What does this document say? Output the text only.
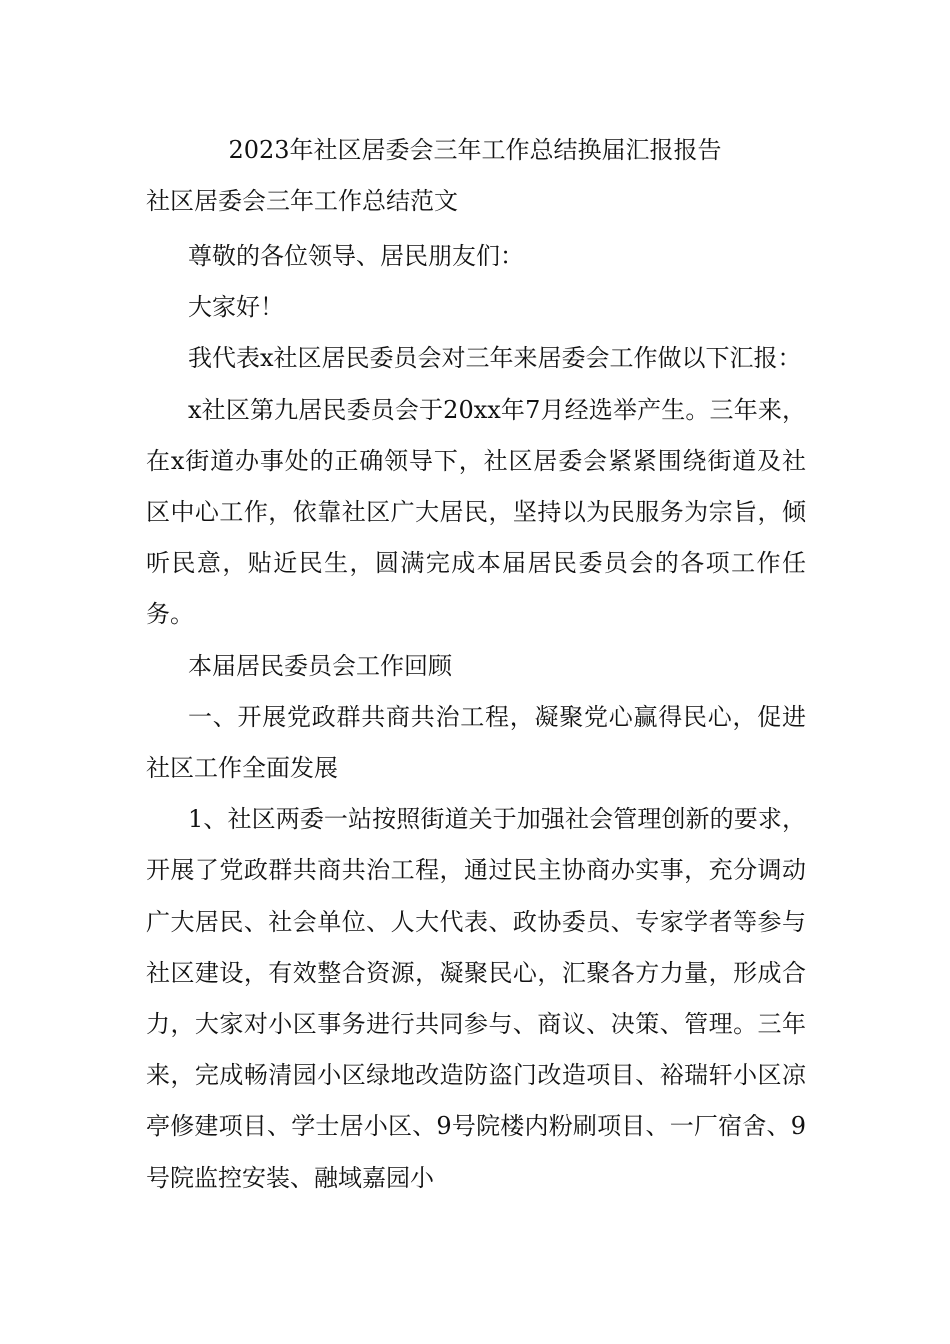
2023年社区居委会三年工作总结换届汇报报告
社区居委会三年工作总结范文

尊敬的各位领导、居民朋友们：

大家好！

我代表x社区居民委员会对三年来居委会工作做以下汇报：

x社区第九居民委员会于20xx年7月经选举产生。三年来，在x街道办事处的正确领导下，社区居委会紧紧围绕街道及社区中心工作，依靠社区广大居民，坚持以为民服务为宗旨，倾听民意，贴近民生，圆满完成本届居民委员会的各项工作任务。

本届居民委员会工作回顾

一、开展党政群共商共治工程，凝聚党心赢得民心，促进社区工作全面发展

1、社区两委一站按照街道关于加强社会管理创新的要求，开展了党政群共商共治工程，通过民主协商办实事，充分调动广大居民、社会单位、人大代表、政协委员、专家学者等参与社区建设，有效整合资源，凝聚民心，汇聚各方力量，形成合力，大家对小区事务进行共同参与、商议、决策、管理。三年来，完成畅清园小区绿地改造防盗门改造项目、裕瑞轩小区凉亭修建项目、学士居小区、9号院楼内粉刷项目、一厂宿舍、9号院监控安装、融域嘉园小
